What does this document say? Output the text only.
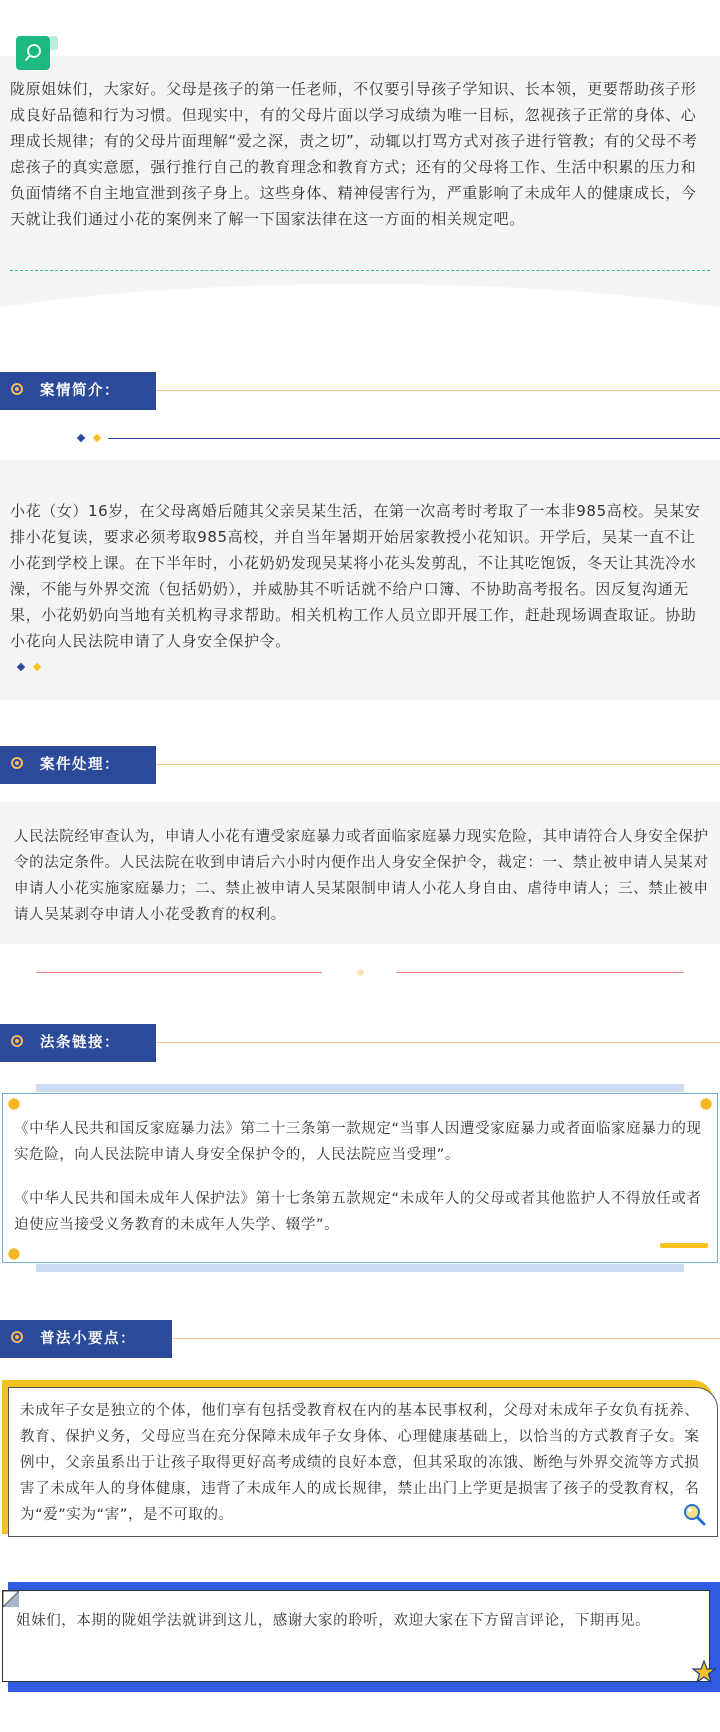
陇原姐妹们，大家好。父母是孩子的第一任老师，不仅要引导孩子学知识、长本领，更要帮助孩子形成良好品德和行为习惯。但现实中，有的父母片面以学习成绩为唯一目标，忽视孩子正常的身体、心理成长规律；有的父母片面理解“爱之深，责之切”，动辄以打骂方式对孩子进行管教；有的父母不考虑孩子的真实意愿，强行推行自己的教育理念和教育方式；还有的父母将工作、生活中积累的压力和负面情绪不自主地宣泄到孩子身上。这些身体、精神侵害行为，严重影响了未成年人的健康成长，今天就让我们通过小花的案例来了解一下国家法律在这一方面的相关规定吧。

案情简介：

小花（女）16岁，在父母离婚后随其父亲吴某生活，在第一次高考时考取了一本非985高校。吴某安排小花复读，要求必须考取985高校，并自当年暑期开始居家教授小花知识。开学后，吴某一直不让小花到学校上课。在下半年时，小花奶奶发现吴某将小花头发剪乱，不让其吃饱饭，冬天让其洗冷水澡，不能与外界交流（包括奶奶），并威胁其不听话就不给户口簿、不协助高考报名。因反复沟通无果，小花奶奶向当地有关机构寻求帮助。相关机构工作人员立即开展工作，赶赴现场调查取证。协助小花向人民法院申请了人身安全保护令。

案件处理：

人民法院经审查认为，申请人小花有遭受家庭暴力或者面临家庭暴力现实危险，其申请符合人身安全保护令的法定条件。人民法院在收到申请后六小时内便作出人身安全保护令，裁定：一、禁止被申请人吴某对申请人小花实施家庭暴力；二、禁止被申请人吴某限制申请人小花人身自由、虐待申请人；三、禁止被申请人吴某剥夺申请人小花受教育的权利。

法条链接：

《中华人民共和国反家庭暴力法》第二十三条第一款规定“当事人因遭受家庭暴力或者面临家庭暴力的现实危险，向人民法院申请人身安全保护令的，人民法院应当受理”。

《中华人民共和国未成年人保护法》第十七条第五款规定“未成年人的父母或者其他监护人不得放任或者迫使应当接受义务教育的未成年人失学、辍学”。

普法小要点：

未成年子女是独立的个体，他们享有包括受教育权在内的基本民事权利，父母对未成年子女负有抚养、教育、保护义务，父母应当在充分保障未成年子女身体、心理健康基础上，以恰当的方式教育子女。案例中，父亲虽系出于让孩子取得更好高考成绩的良好本意，但其采取的冻饿、断绝与外界交流等方式损害了未成年人的身体健康，违背了未成年人的成长规律，禁止出门上学更是损害了孩子的受教育权，名为“爱”实为“害”，是不可取的。

姐妹们，本期的陇姐学法就讲到这儿，感谢大家的聆听，欢迎大家在下方留言评论，下期再见。
